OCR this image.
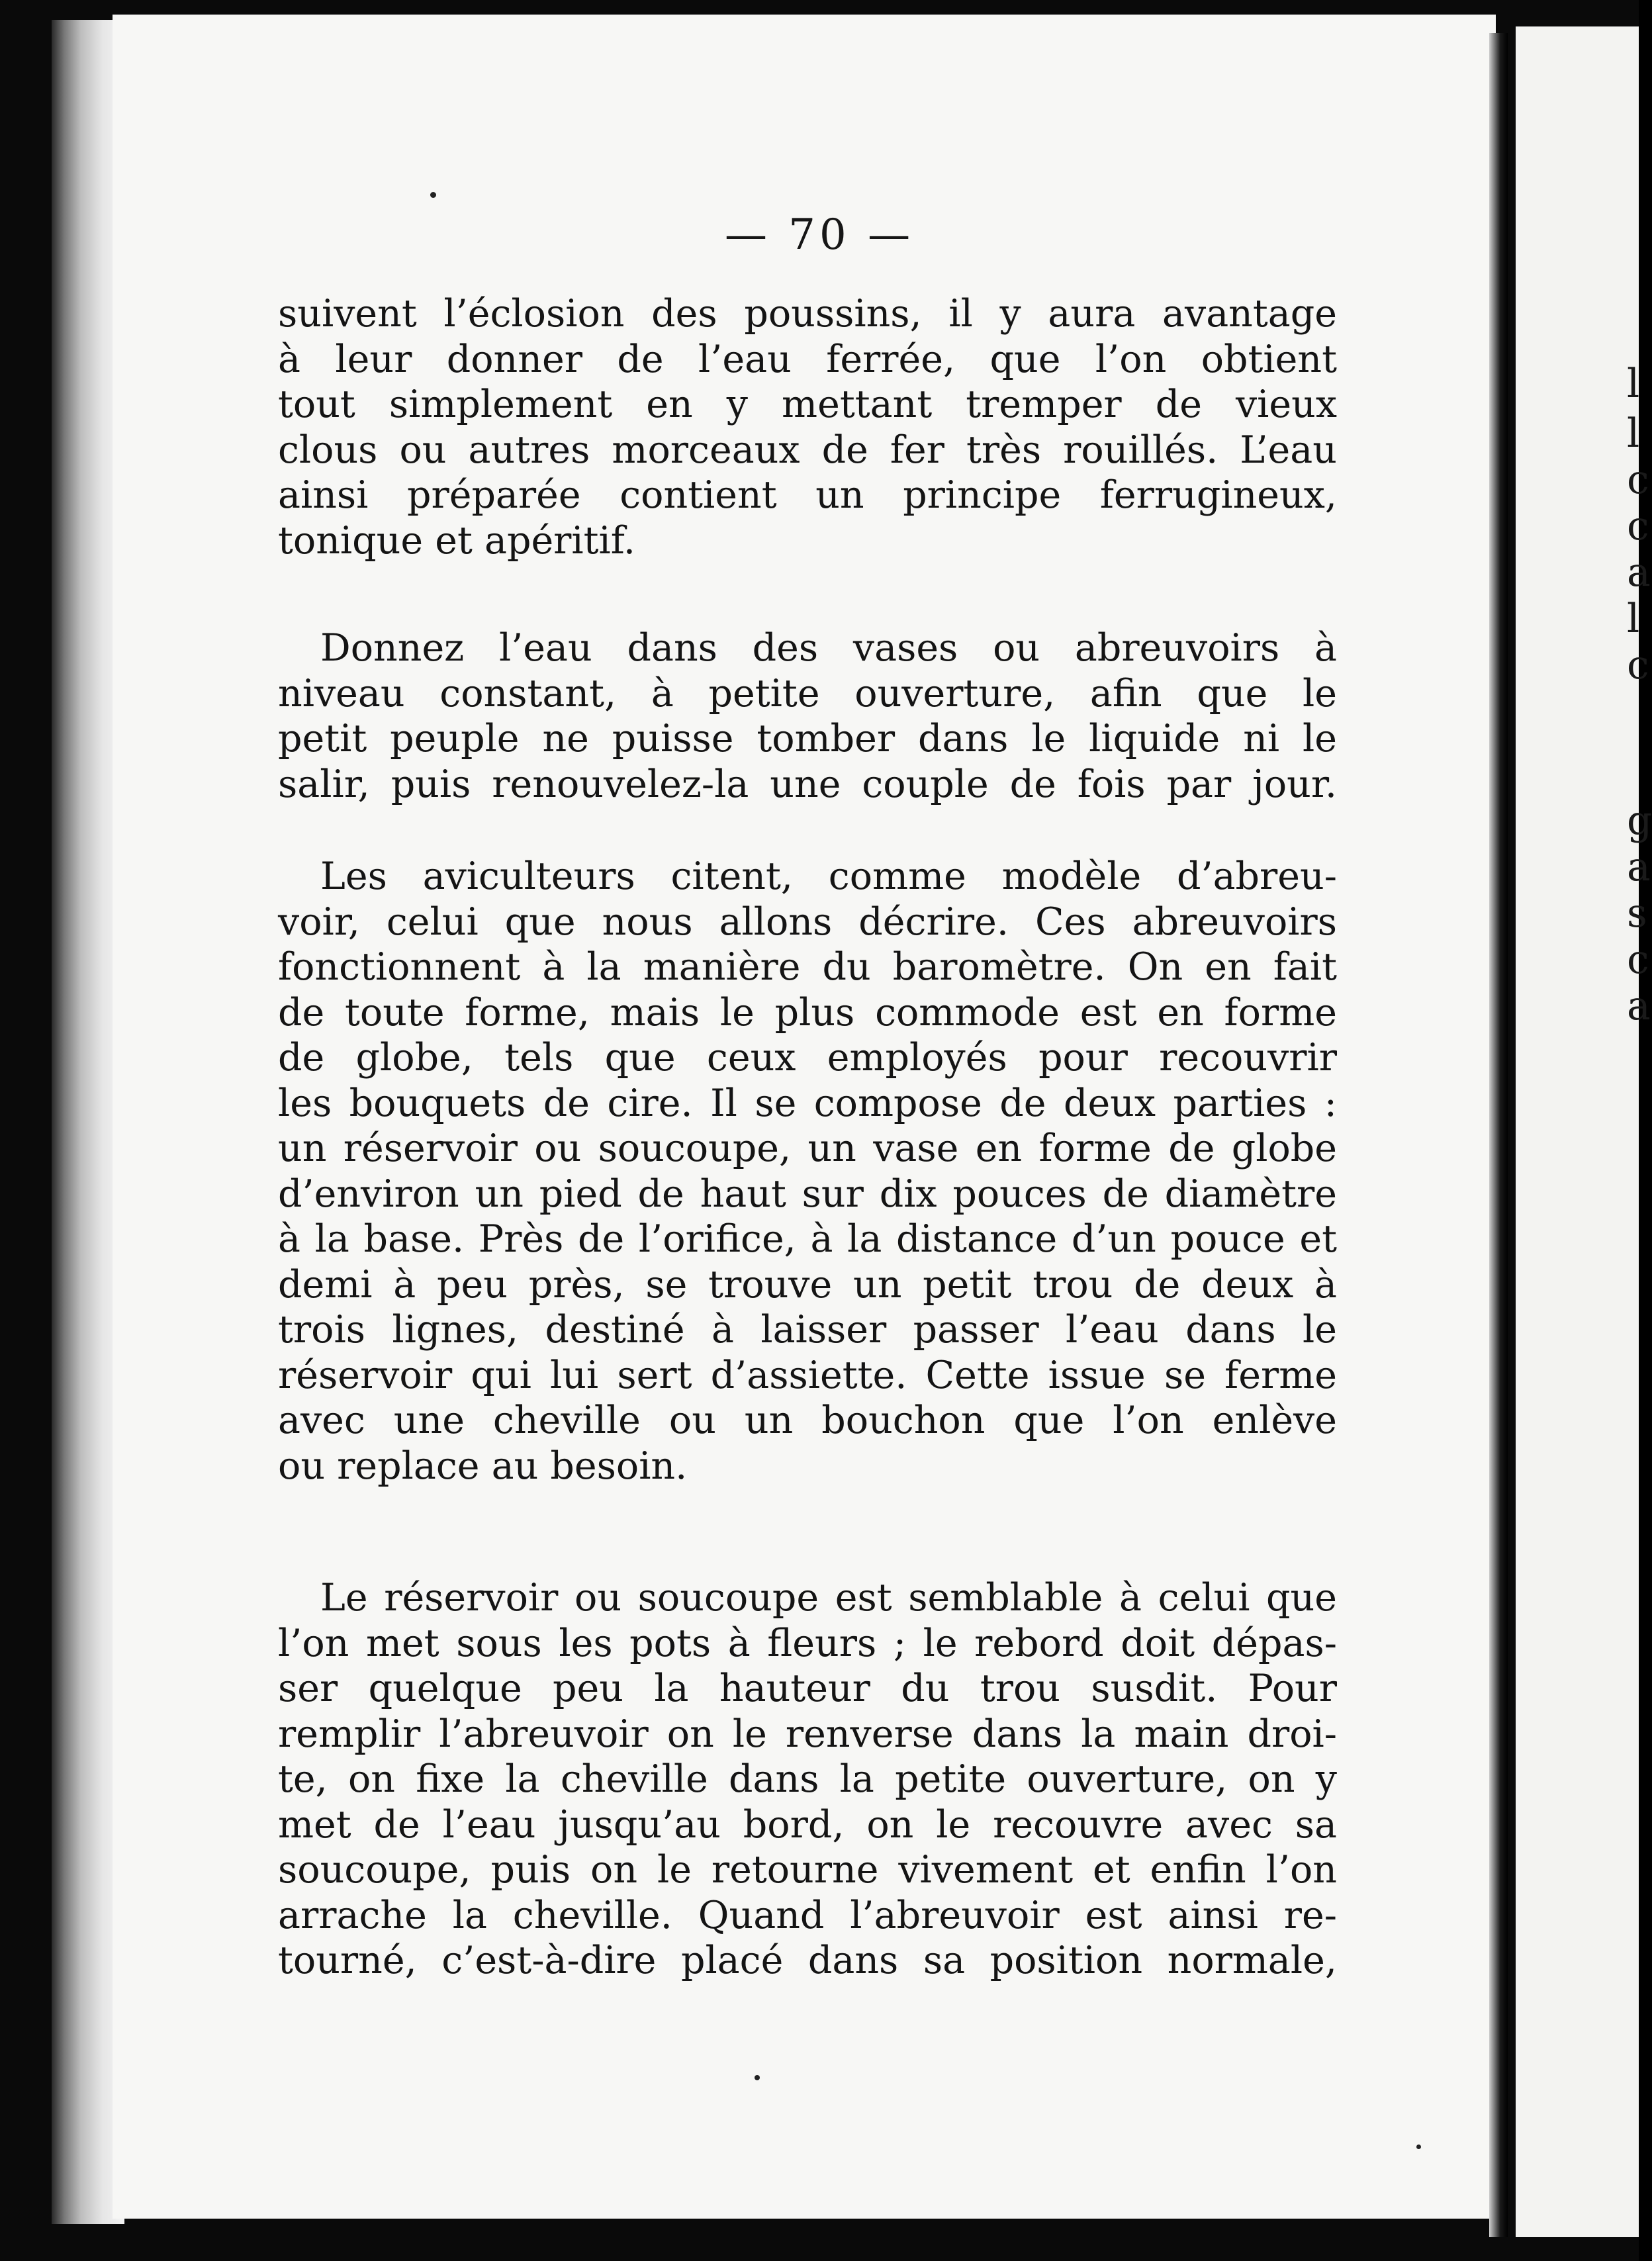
l
l
c
c
a
l
c
g
a
s
c
a
— 70 —
suivent l’éclosion des poussins, il y aura avantage
à leur donner de l’eau ferrée, que l’on obtient
tout simplement en y mettant tremper de vieux
clous ou autres morceaux de fer très rouillés. L’eau
ainsi préparée contient un principe ferrugineux,
tonique et apéritif.
Donnez l’eau dans des vases ou abreuvoirs à
niveau constant, à petite ouverture, afin que le
petit peuple ne puisse tomber dans le liquide ni le
salir, puis renouvelez-la une couple de fois par jour.
Les aviculteurs citent, comme modèle d’abreu-
voir, celui que nous allons décrire. Ces abreuvoirs
fonctionnent à la manière du baromètre. On en fait
de toute forme, mais le plus commode est en forme
de globe, tels que ceux employés pour recouvrir
les bouquets de cire. Il se compose de deux parties :
un réservoir ou soucoupe, un vase en forme de globe
d’environ un pied de haut sur dix pouces de diamètre
à la base. Près de l’orifice, à la distance d’un pouce et
demi à peu près, se trouve un petit trou de deux à
trois lignes, destiné à laisser passer l’eau dans le
réservoir qui lui sert d’assiette. Cette issue se ferme
avec une cheville ou un bouchon que l’on enlève
ou replace au besoin.
Le réservoir ou soucoupe est semblable à celui que
l’on met sous les pots à fleurs ; le rebord doit dépas-
ser quelque peu la hauteur du trou susdit. Pour
remplir l’abreuvoir on le renverse dans la main droi-
te, on fixe la cheville dans la petite ouverture, on y
met de l’eau jusqu’au bord, on le recouvre avec sa
soucoupe, puis on le retourne vivement et enfin l’on
arrache la cheville. Quand l’abreuvoir est ainsi re-
tourné, c’est-à-dire placé dans sa position normale,
